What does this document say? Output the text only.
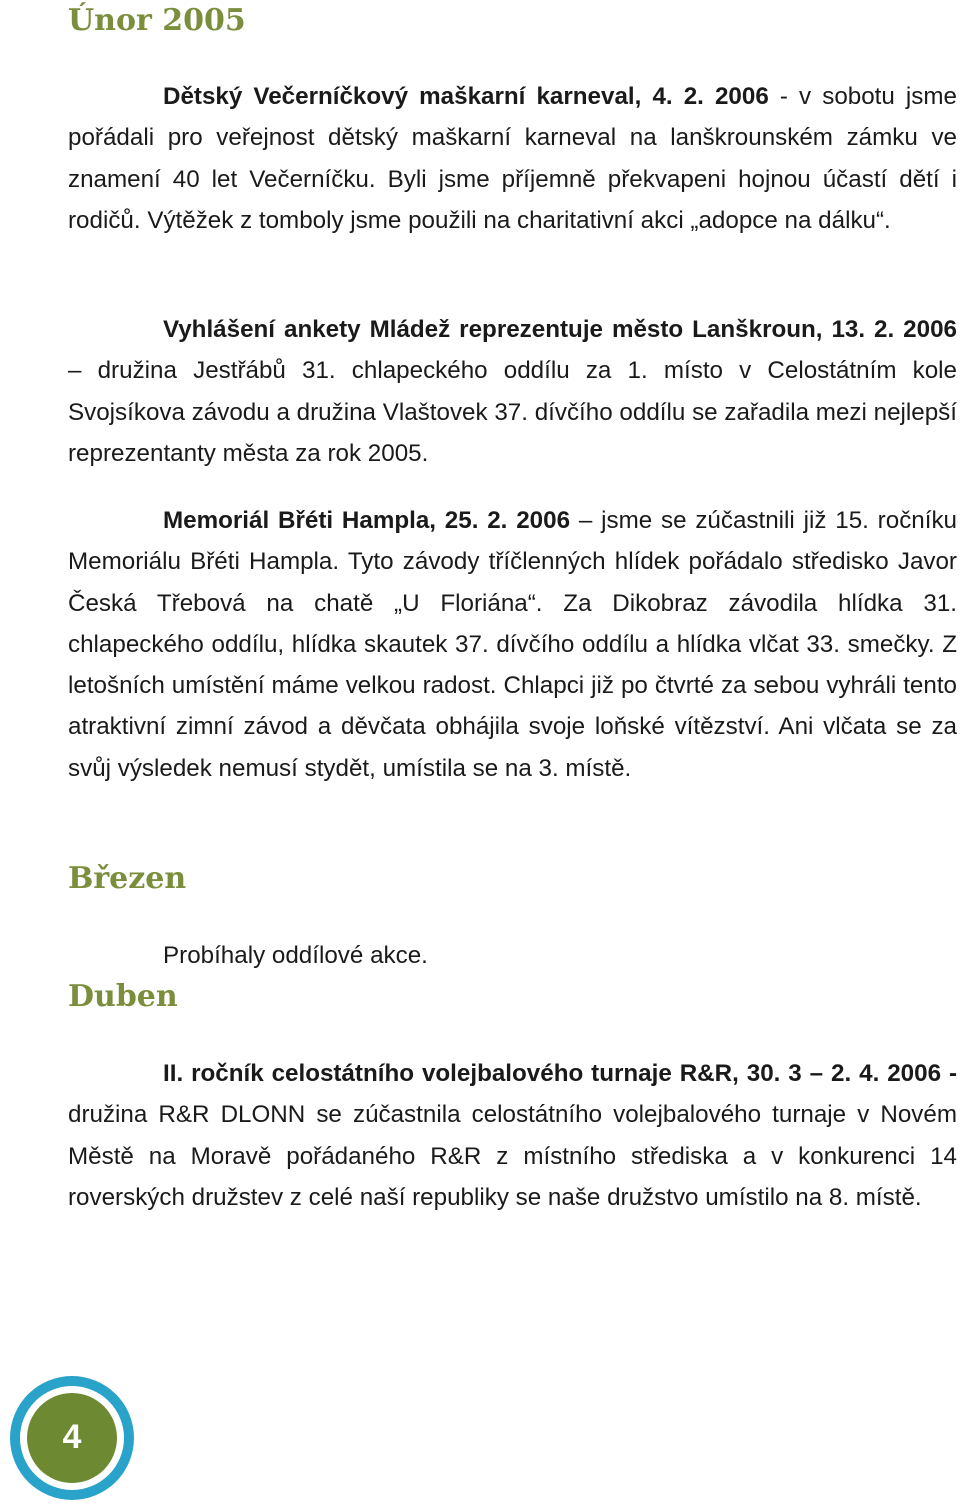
Únor 2005

Dětský Večerníčkový maškarní karneval, 4. 2. 2006 - v sobotu jsme pořádali pro veřejnost dětský maškarní karneval na lanškrounském zámku ve znamení 40 let Večerníčku. Byli jsme příjemně překvapeni hojnou účastí dětí i rodičů. Výtěžek z tomboly jsme použili na charitativní akci „adopce na dálku“.

Vyhlášení ankety Mládež reprezentuje město Lanškroun, 13. 2. 2006 – družina Jestřábů 31. chlapeckého oddílu za 1. místo v Celostátním kole Svojsíkova závodu a družina Vlaštovek 37. dívčího oddílu se zařadila mezi nejlepší reprezentanty města za rok 2005.

Memoriál Břéti Hampla, 25. 2. 2006 – jsme se zúčastnili již 15. ročníku Memoriálu Břéti Hampla. Tyto závody tříčlenných hlídek pořádalo středisko Javor Česká Třebová na chatě „U Floriána“. Za Dikobraz závodila hlídka 31. chlapeckého oddílu, hlídka skautek 37. dívčího oddílu a hlídka vlčat 33. smečky. Z letošních umístění máme velkou radost. Chlapci již po čtvrté za sebou vyhráli tento atraktivní zimní závod a děvčata obhájila svoje loňské vítězství. Ani vlčata se za svůj výsledek nemusí stydět, umístila se na 3. místě.

Březen

Probíhaly oddílové akce.

Duben

II. ročník celostátního volejbalového turnaje R&R, 30. 3 – 2. 4. 2006 - družina R&R DLONN se zúčastnila celostátního volejbalového turnaje v Novém Městě na Moravě pořádaného R&R z místního střediska a v konkurenci 14 roverských družstev z celé naší republiky se naše družstvo umístilo na 8. místě.

4
